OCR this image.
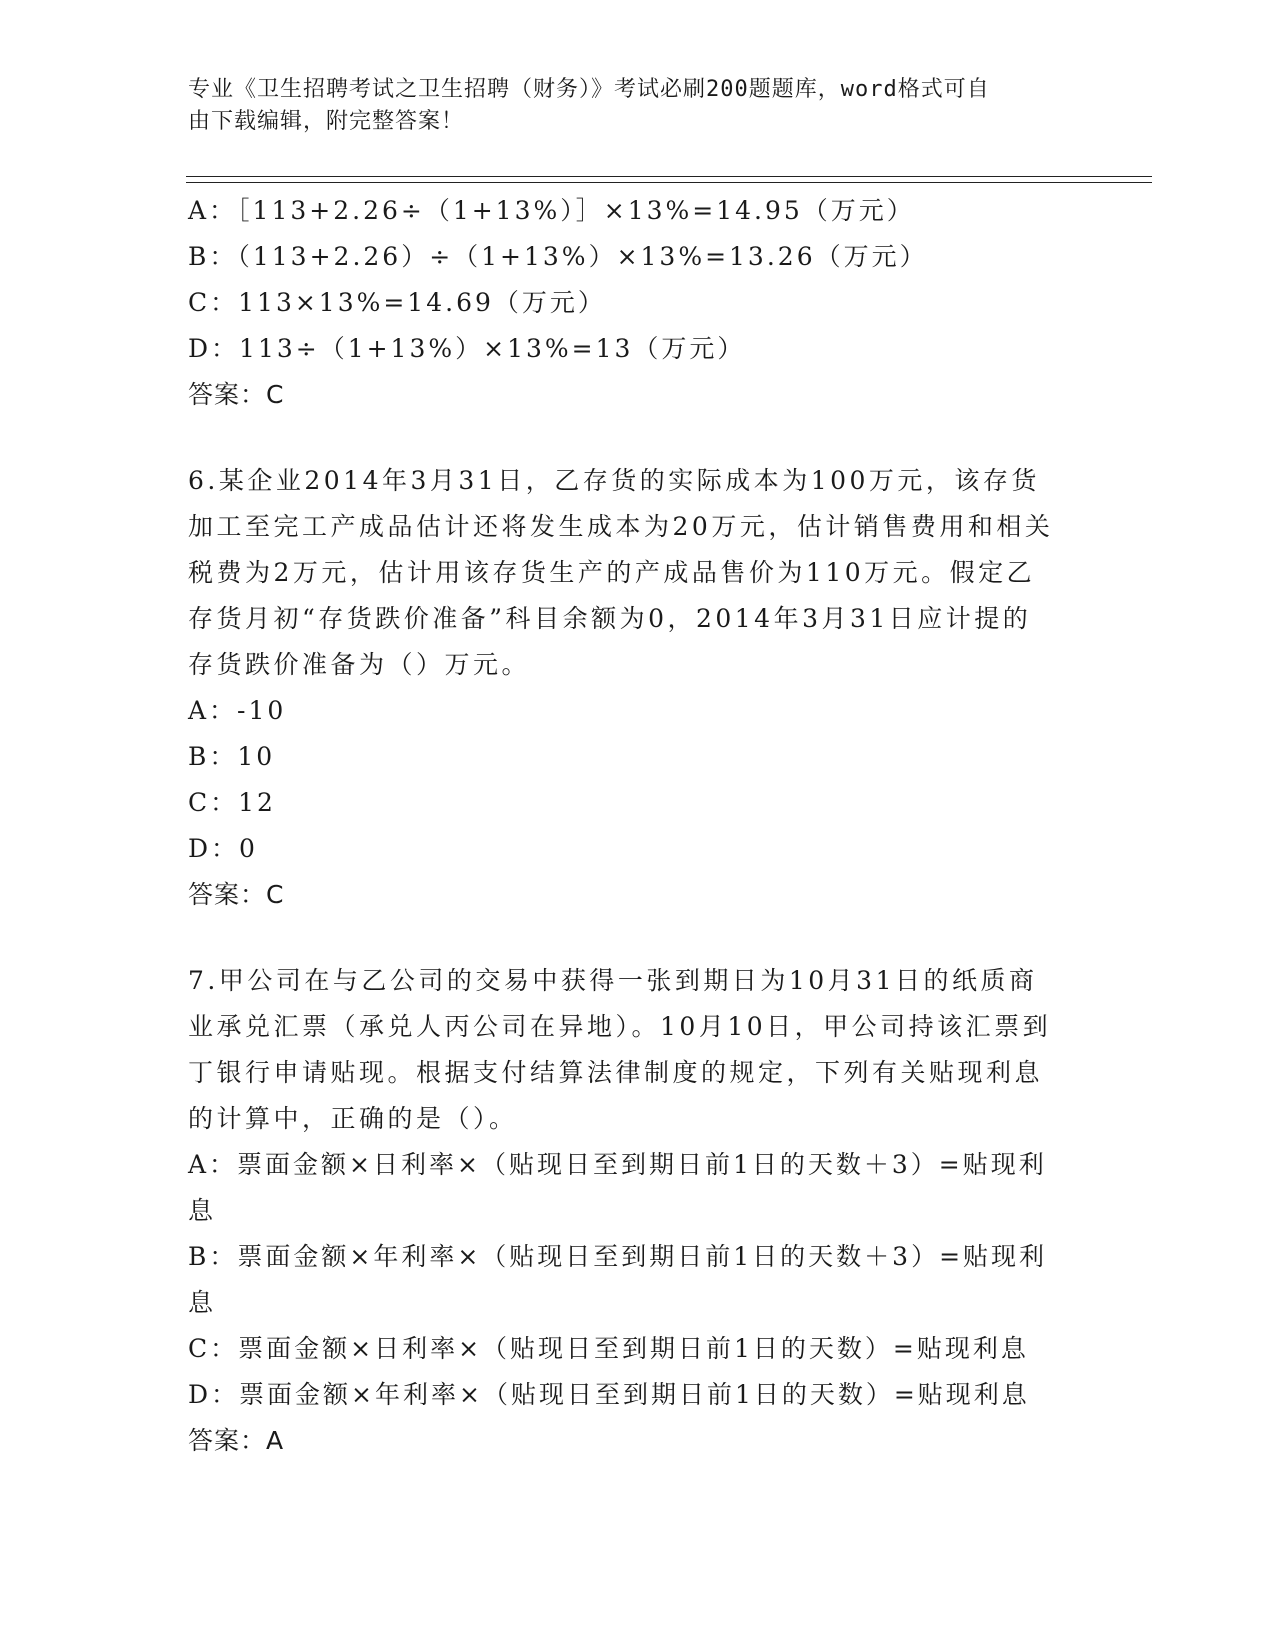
专业《卫生招聘考试之卫生招聘（财务）》考试必刷200题题库，word格式可自
由下载编辑，附完整答案！
A：［113+2.26÷（1+13%）］×13%=14.95（万元）
B：（113+2.26）÷（1+13%）×13%=13.26（万元）
C：113×13%=14.69（万元）
D：113÷（1+13%）×13%=13（万元）
答案：C
6.某企业2014年3月31日，乙存货的实际成本为100万元，该存货
加工至完工产成品估计还将发生成本为20万元，估计销售费用和相关
税费为2万元，估计用该存货生产的产成品售价为110万元。假定乙
存货月初“存货跌价准备”科目余额为0，2014年3月31日应计提的
存货跌价准备为（）万元。
A：-10
B：10
C：12
D：0
答案：C
7.甲公司在与乙公司的交易中获得一张到期日为10月31日的纸质商
业承兑汇票（承兑人丙公司在异地）。10月10日，甲公司持该汇票到
丁银行申请贴现。根据支付结算法律制度的规定，下列有关贴现利息
的计算中，正确的是（）。
A：票面金额×日利率×（贴现日至到期日前1日的天数＋3）=贴现利
息
B：票面金额×年利率×（贴现日至到期日前1日的天数＋3）=贴现利
息
C：票面金额×日利率×（贴现日至到期日前1日的天数）=贴现利息
D：票面金额×年利率×（贴现日至到期日前1日的天数）=贴现利息
答案：A
